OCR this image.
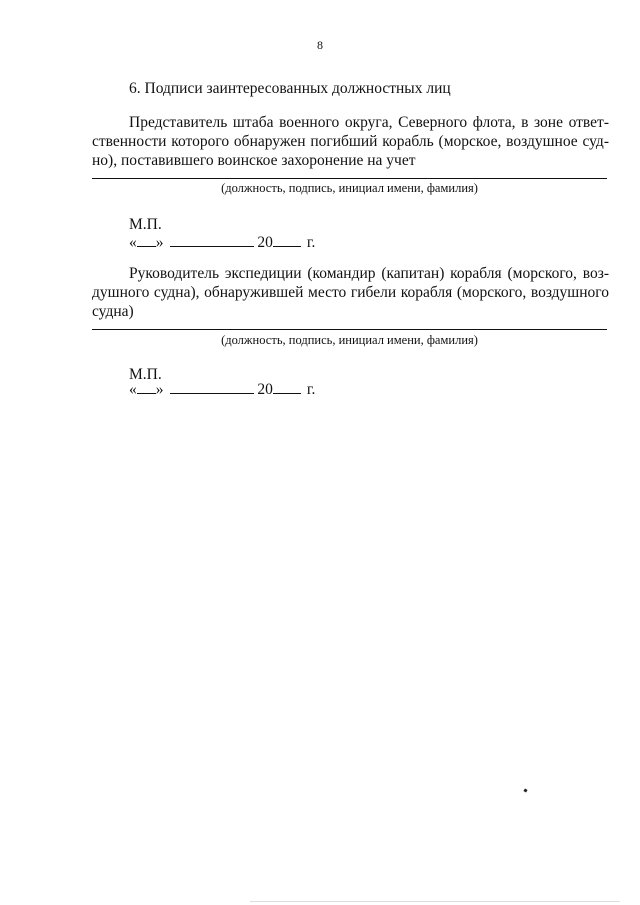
8
6. Подписи заинтересованных должностных лиц
Представитель штаба военного округа, Северного флота, в зоне ответственности которого обнаружен погибший корабль (морское, воздушное судно), поставившего воинское захоронение на учет
(должность, подпись, инициал имени, фамилия)
М.П.
« »	20 г.
Руководитель экспедиции (командир (капитан) корабля (морского, воздушного судна), обнаружившей место гибели корабля (морского, воздушного судна)
(должность, подпись, инициал имени, фамилия)
М.П.
« »	20 г.
